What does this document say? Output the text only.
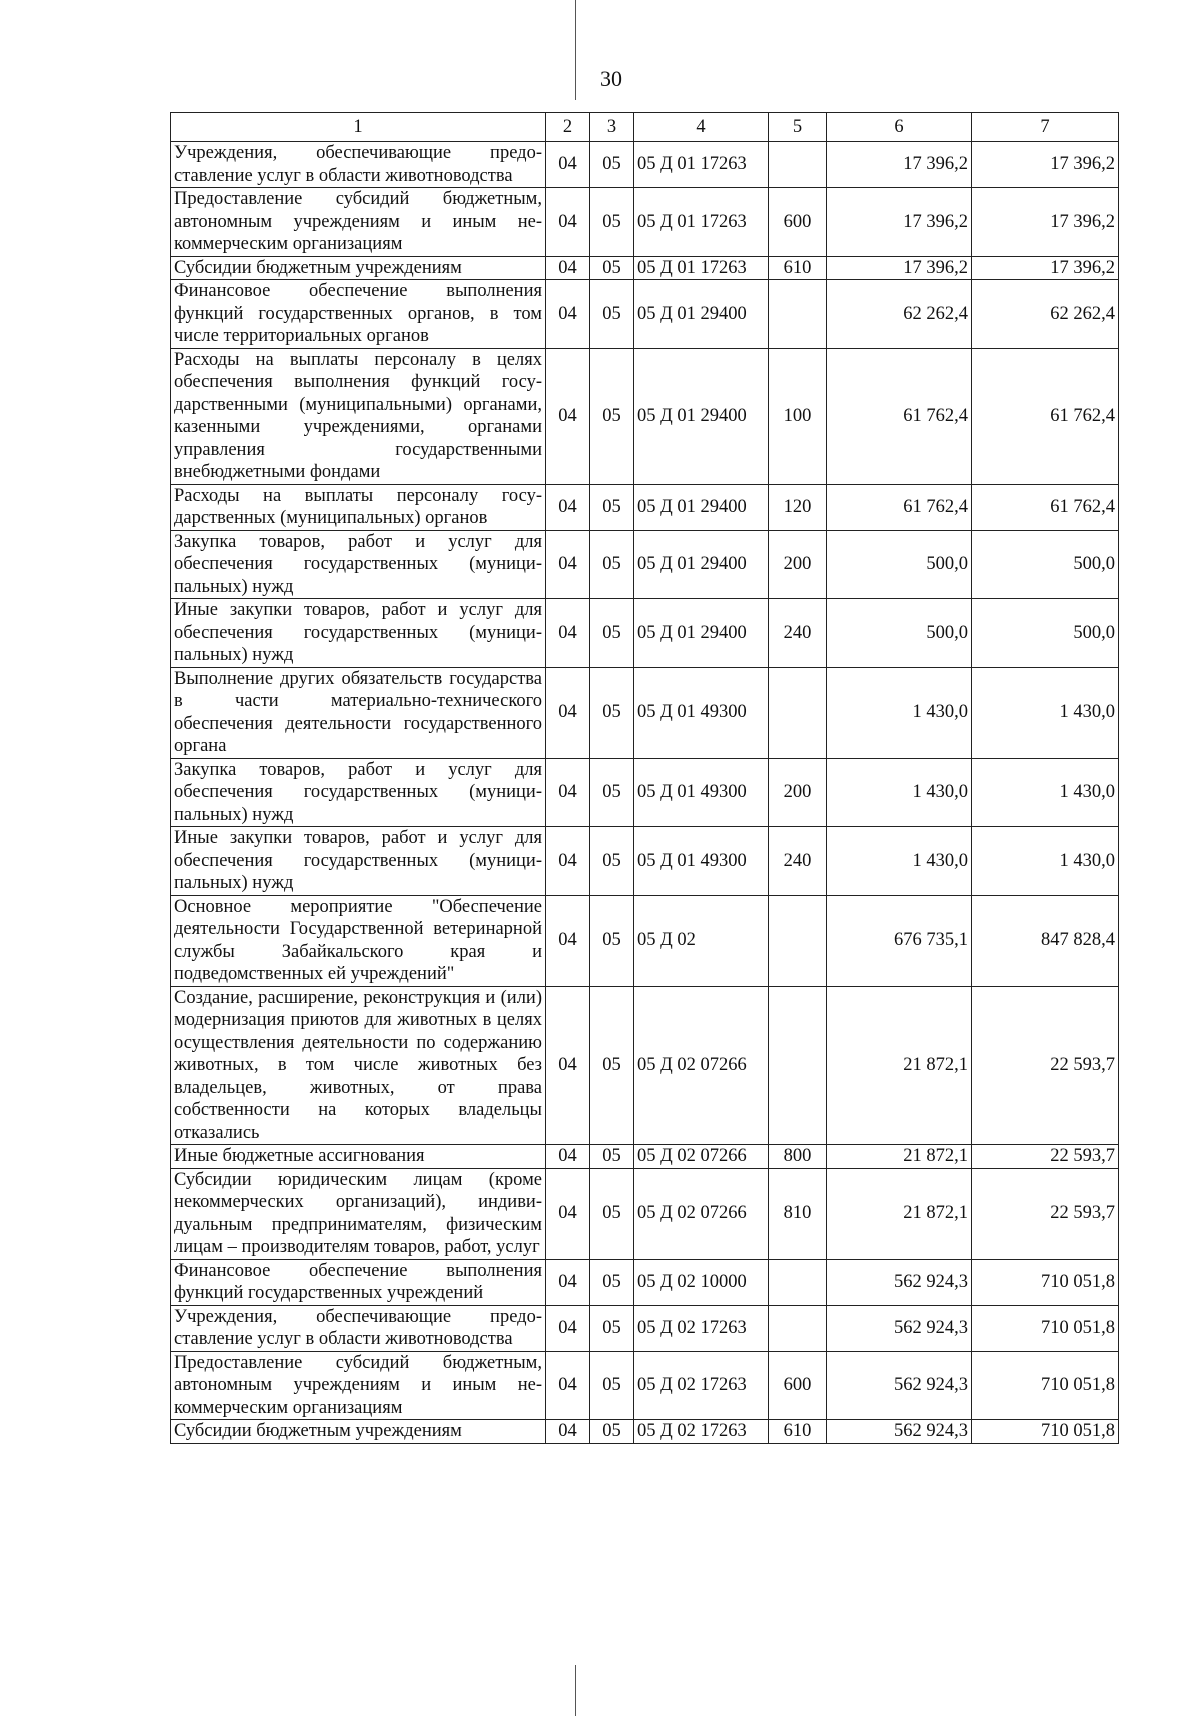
30
1	2	3	4	5	6	7
Учреждения, обеспечивающие предоставление услуг в области животноводства	04	05	05 Д 01 17263		17 396,2	17 396,2
Предоставление субсидий бюджетным, автономным учреждениям и иным некоммерческим организациям	04	05	05 Д 01 17263	600	17 396,2	17 396,2
Субсидии бюджетным учреждениям	04	05	05 Д 01 17263	610	17 396,2	17 396,2
Финансовое обеспечение выполнения функций государственных органов, в том числе территориальных органов	04	05	05 Д 01 29400		62 262,4	62 262,4
Расходы на выплаты персоналу в целях обеспечения выполнения функций государственными (муниципальными) органами, казенными учреждениями, органами управления государственными внебюджетными фондами	04	05	05 Д 01 29400	100	61 762,4	61 762,4
Расходы на выплаты персоналу государственных (муниципальных) органов	04	05	05 Д 01 29400	120	61 762,4	61 762,4
Закупка товаров, работ и услуг для обеспечения государственных (муниципальных) нужд	04	05	05 Д 01 29400	200	500,0	500,0
Иные закупки товаров, работ и услуг для обеспечения государственных (муниципальных) нужд	04	05	05 Д 01 29400	240	500,0	500,0
Выполнение других обязательств государства в части материально-технического обеспечения деятельности государственного органа	04	05	05 Д 01 49300		1 430,0	1 430,0
Закупка товаров, работ и услуг для обеспечения государственных (муниципальных) нужд	04	05	05 Д 01 49300	200	1 430,0	1 430,0
Иные закупки товаров, работ и услуг для обеспечения государственных (муниципальных) нужд	04	05	05 Д 01 49300	240	1 430,0	1 430,0
Основное мероприятие "Обеспечение деятельности Государственной ветеринарной службы Забайкальского края и подведомственных ей учреждений"	04	05	05 Д 02		676 735,1	847 828,4
Создание, расширение, реконструкция и (или) модернизация приютов для животных в целях осуществления деятельности по содержанию животных, в том числе животных без владельцев, животных, от права собственности на которых владельцы отказались	04	05	05 Д 02 07266		21 872,1	22 593,7
Иные бюджетные ассигнования	04	05	05 Д 02 07266	800	21 872,1	22 593,7
Субсидии юридическим лицам (кроме некоммерческих организаций), индивидуальным предпринимателям, физическим лицам – производителям товаров, работ, услуг	04	05	05 Д 02 07266	810	21 872,1	22 593,7
Финансовое обеспечение выполнения функций государственных учреждений	04	05	05 Д 02 10000		562 924,3	710 051,8
Учреждения, обеспечивающие предоставление услуг в области животноводства	04	05	05 Д 02 17263		562 924,3	710 051,8
Предоставление субсидий бюджетным, автономным учреждениям и иным некоммерческим организациям	04	05	05 Д 02 17263	600	562 924,3	710 051,8
Субсидии бюджетным учреждениям	04	05	05 Д 02 17263	610	562 924,3	710 051,8
